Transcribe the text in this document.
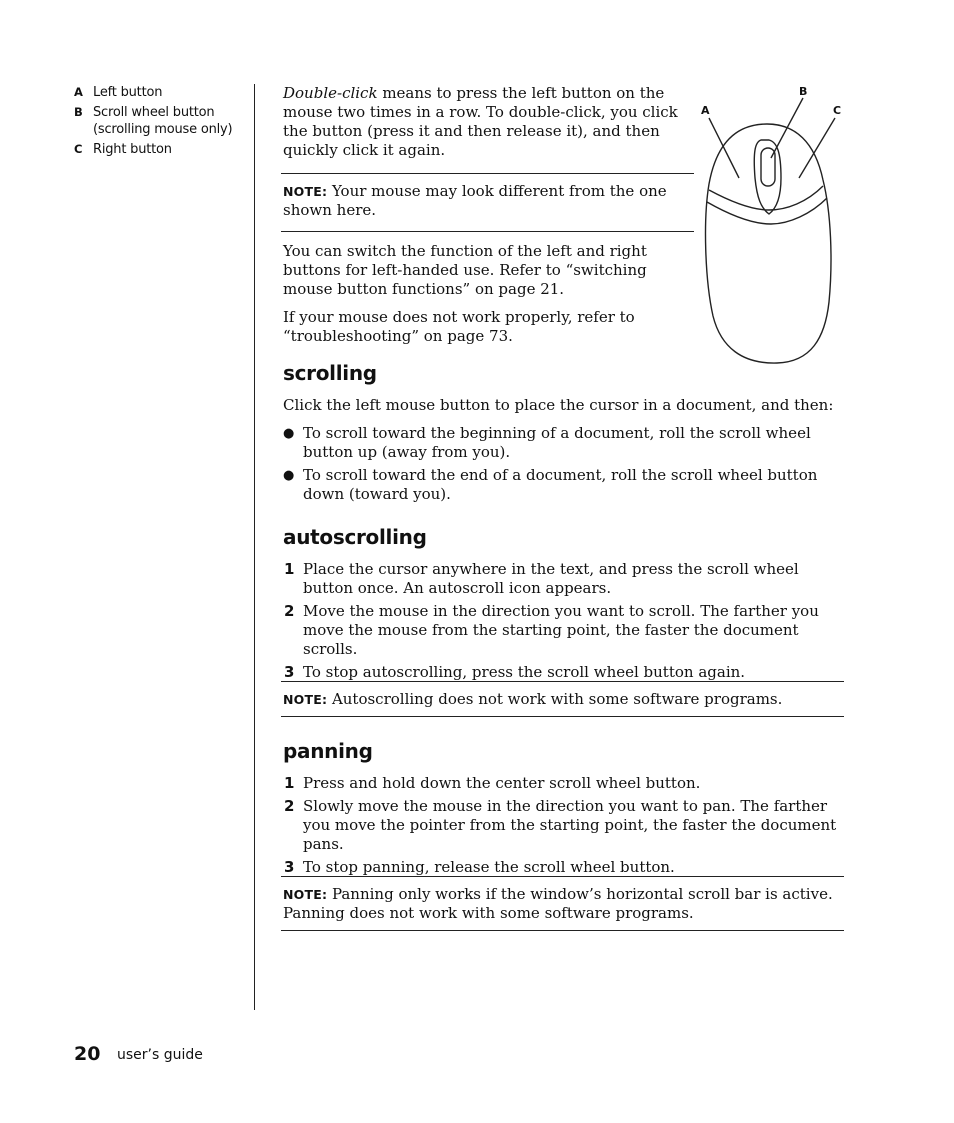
A Left button
B Scroll wheel button (scrolling mouse only)
C Right button

Double-click means to press the left button on the mouse two times in a row. To double-click, you click the button (press it and then release it), and then quickly click it again.

NOTE: Your mouse may look different from the one shown here.

You can switch the function of the left and right buttons for left-handed use. Refer to “switching mouse button functions” on page 21.

If your mouse does not work properly, refer to “troubleshooting” on page 73.

A
B
C
scrolling

Click the left mouse button to place the cursor in a document, and then:

● To scroll toward the beginning of a document, roll the scroll wheel button up (away from you).
● To scroll toward the end of a document, roll the scroll wheel button down (toward you).
autoscrolling
1 Place the cursor anywhere in the text, and press the scroll wheel button once. An autoscroll icon appears.
2 Move the mouse in the direction you want to scroll. The farther you move the mouse from the starting point, the faster the document scrolls.
3 To stop autoscrolling, press the scroll wheel button again.
NOTE: Autoscrolling does not work with some software programs.
panning
1 Press and hold down the center scroll wheel button.
2 Slowly move the mouse in the direction you want to pan. The farther you move the pointer from the starting point, the faster the document pans.
3 To stop panning, release the scroll wheel button.
NOTE: Panning only works if the window’s horizontal scroll bar is active. Panning does not work with some software programs.
20 user’s guide
